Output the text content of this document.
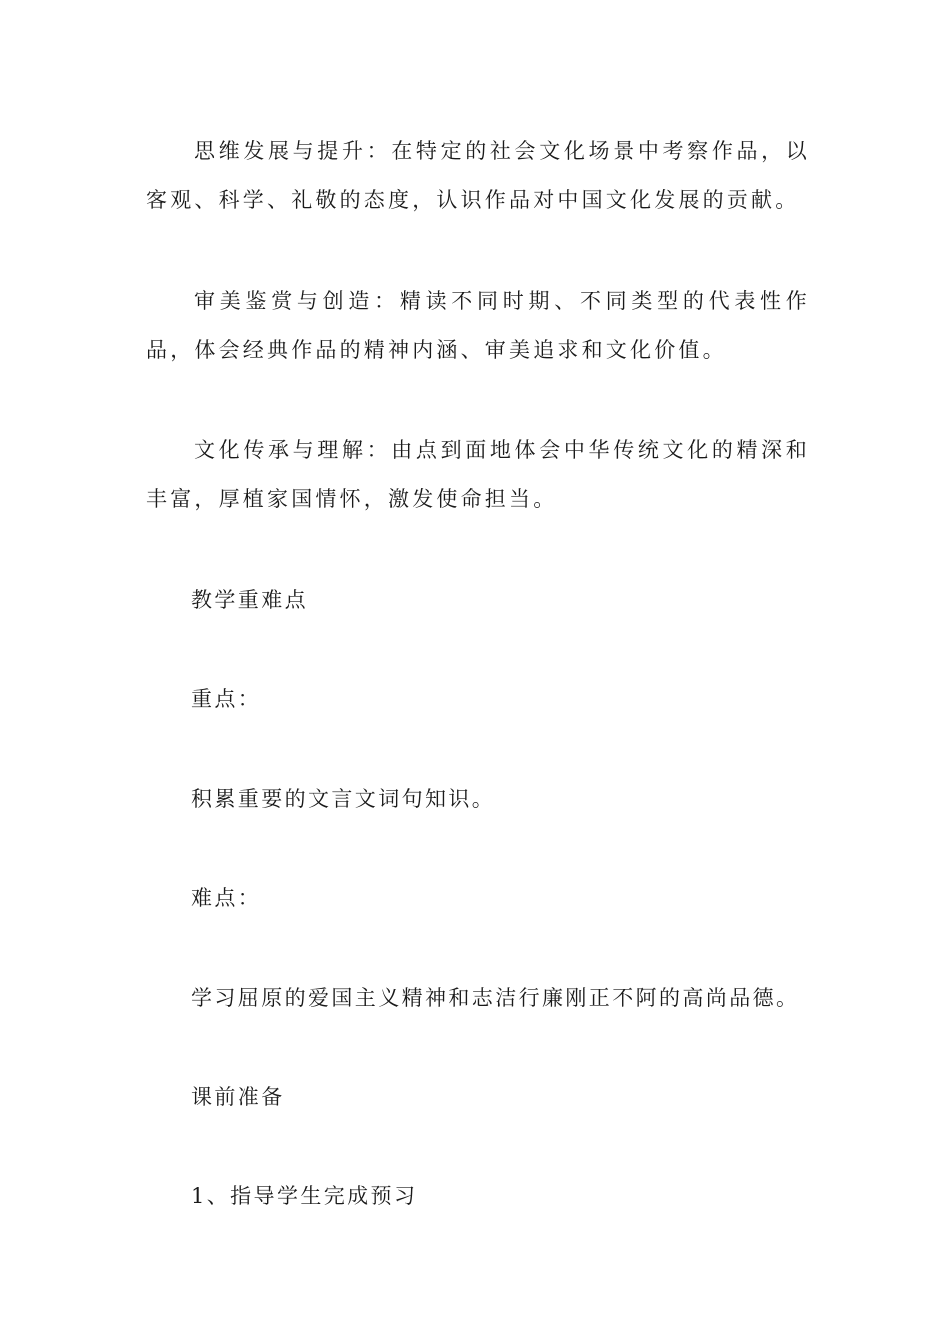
思维发展与提升：在特定的社会文化场景中考察作品，以客观、科学、礼敬的态度，认识作品对中国文化发展的贡献。

审美鉴赏与创造：精读不同时期、不同类型的代表性作品，体会经典作品的精神内涵、审美追求和文化价值。

文化传承与理解：由点到面地体会中华传统文化的精深和丰富，厚植家国情怀，激发使命担当。

教学重难点

重点：

积累重要的文言文词句知识。

难点：

学习屈原的爱国主义精神和志洁行廉刚正不阿的高尚品德。

课前准备

1、指导学生完成预习
